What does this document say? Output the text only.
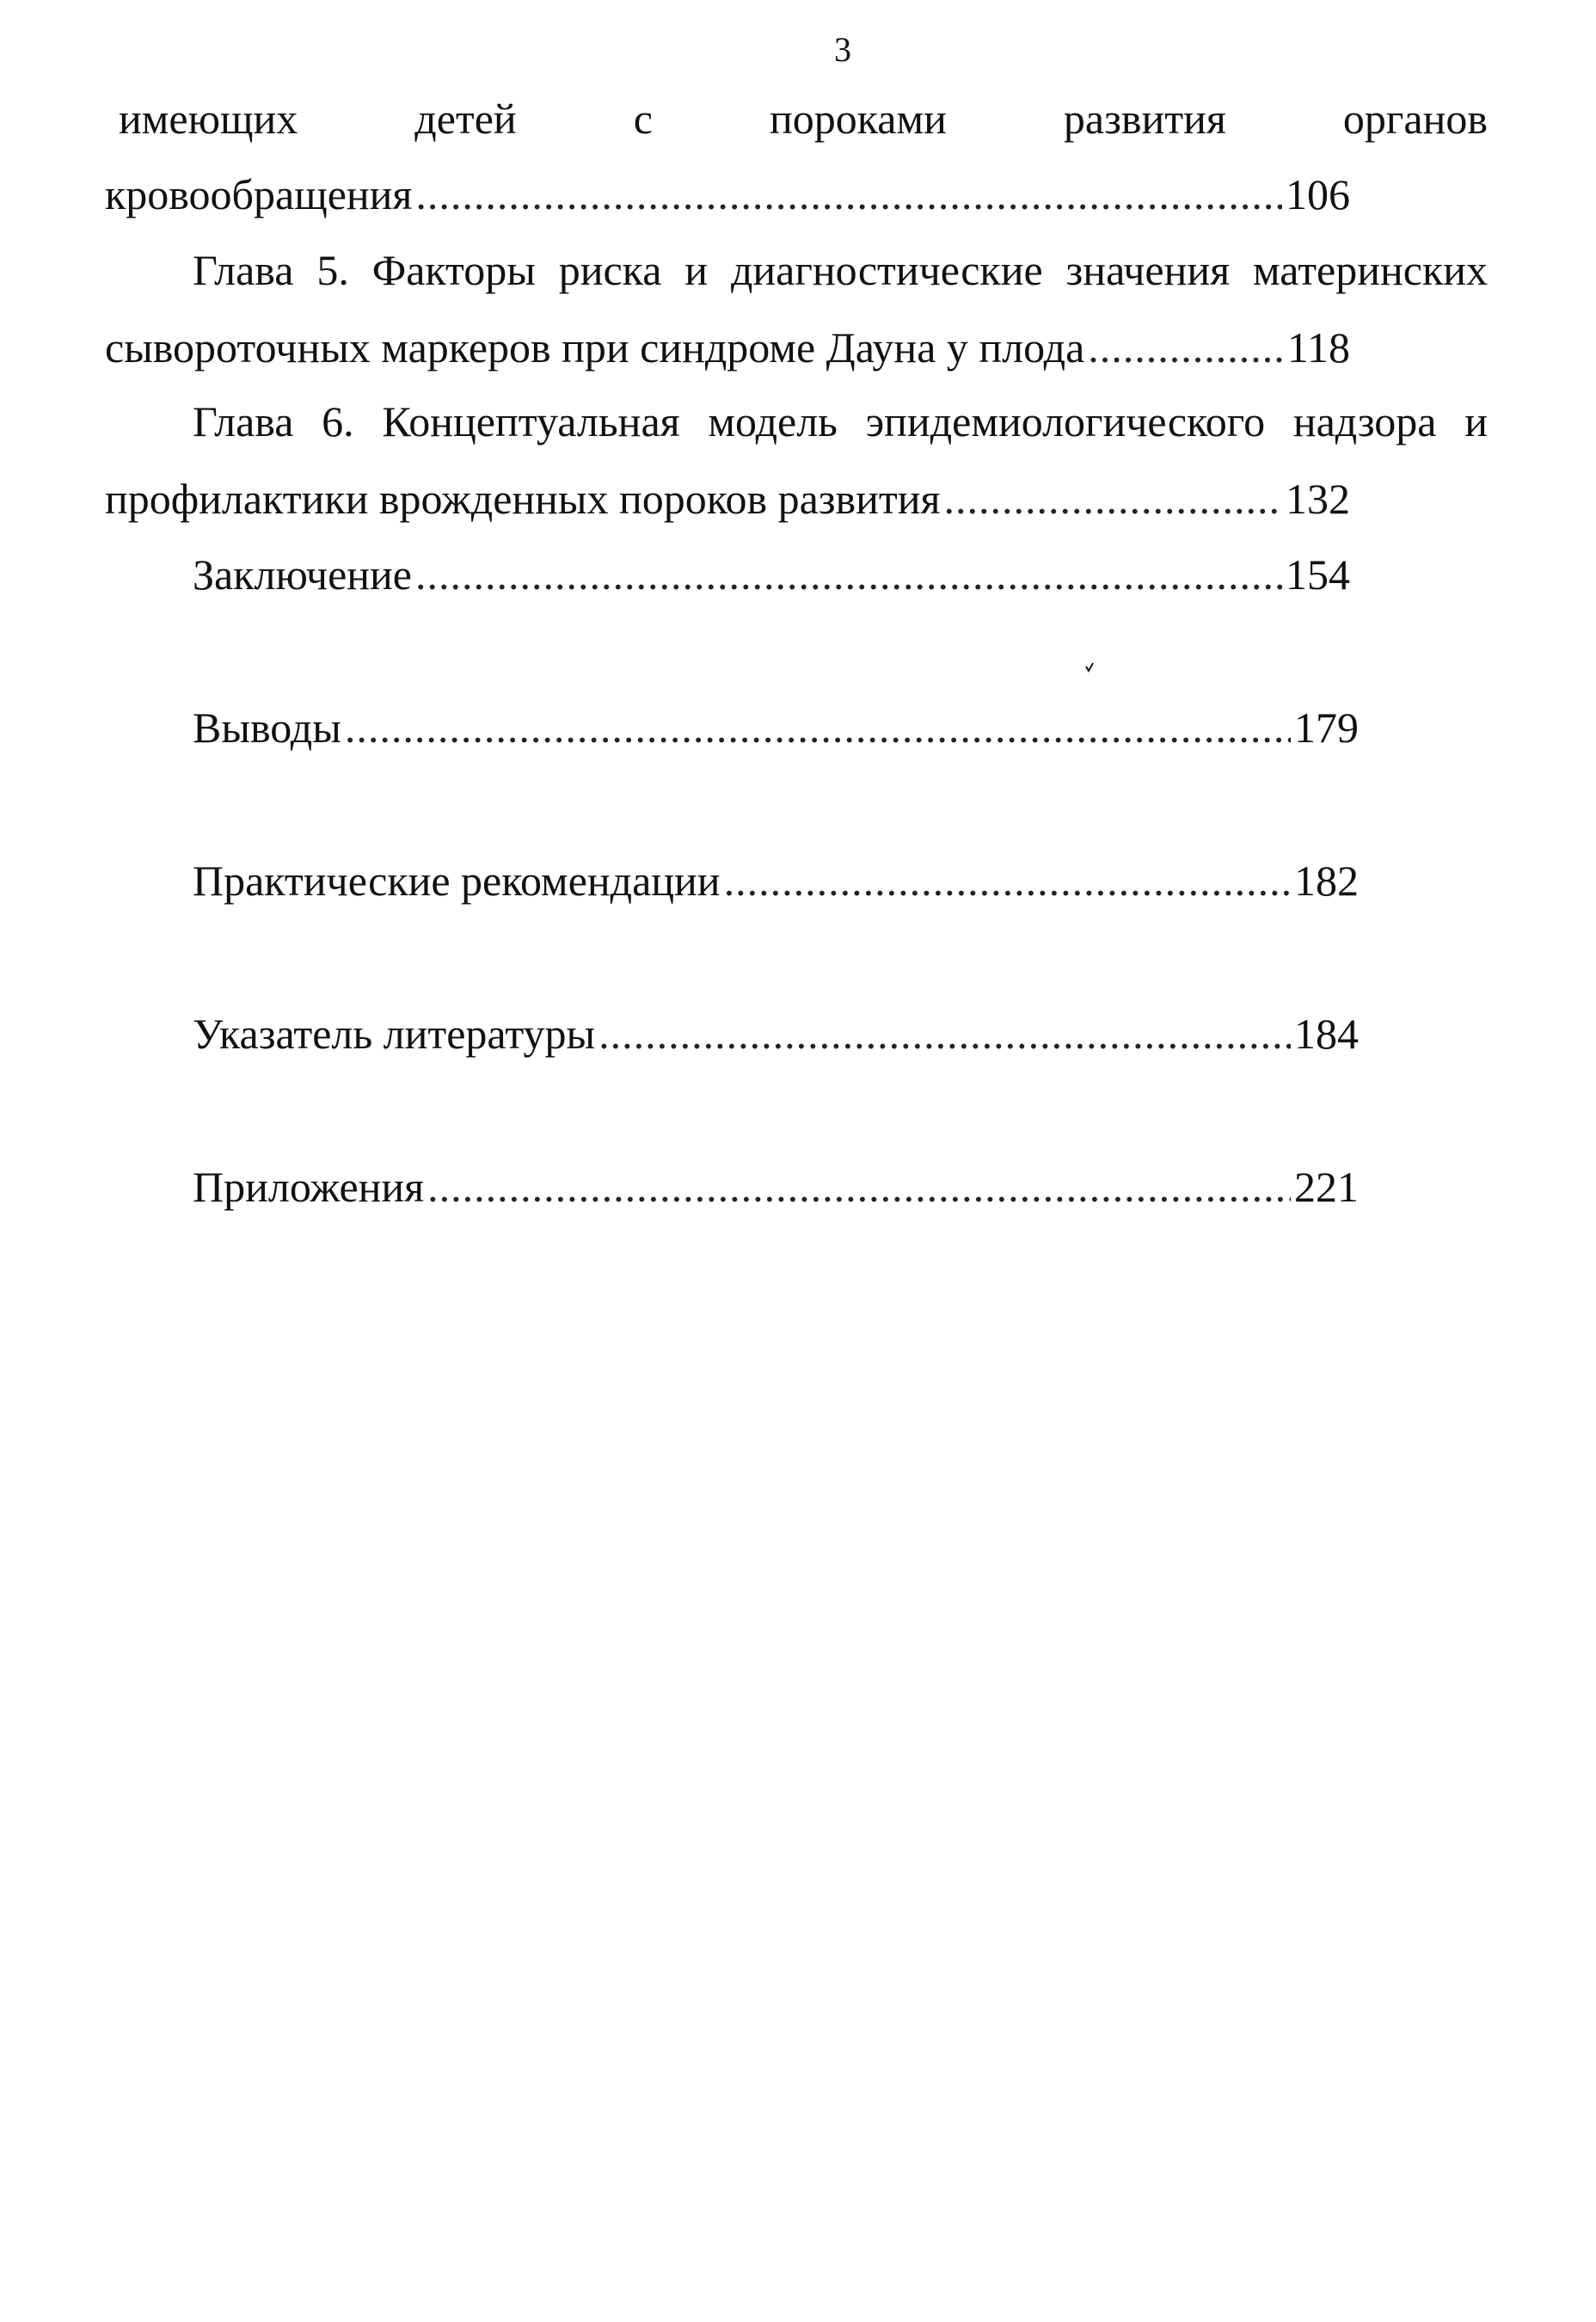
3
имеющих	детей	с	пороками	развития	органов
кровообращения .....	106
Глава 5. Факторы риска и диагностические значения материнских
сывороточных маркеров при синдроме Дауна у плода .....	118
Глава 6. Концептуальная модель эпидемиологического надзора и
профилактики врожденных пороков развития .....	132
Заключение .....	154
Выводы .....	179
Практические рекомендации .....	182
Указатель литературы .....	184
Приложения .....	221
